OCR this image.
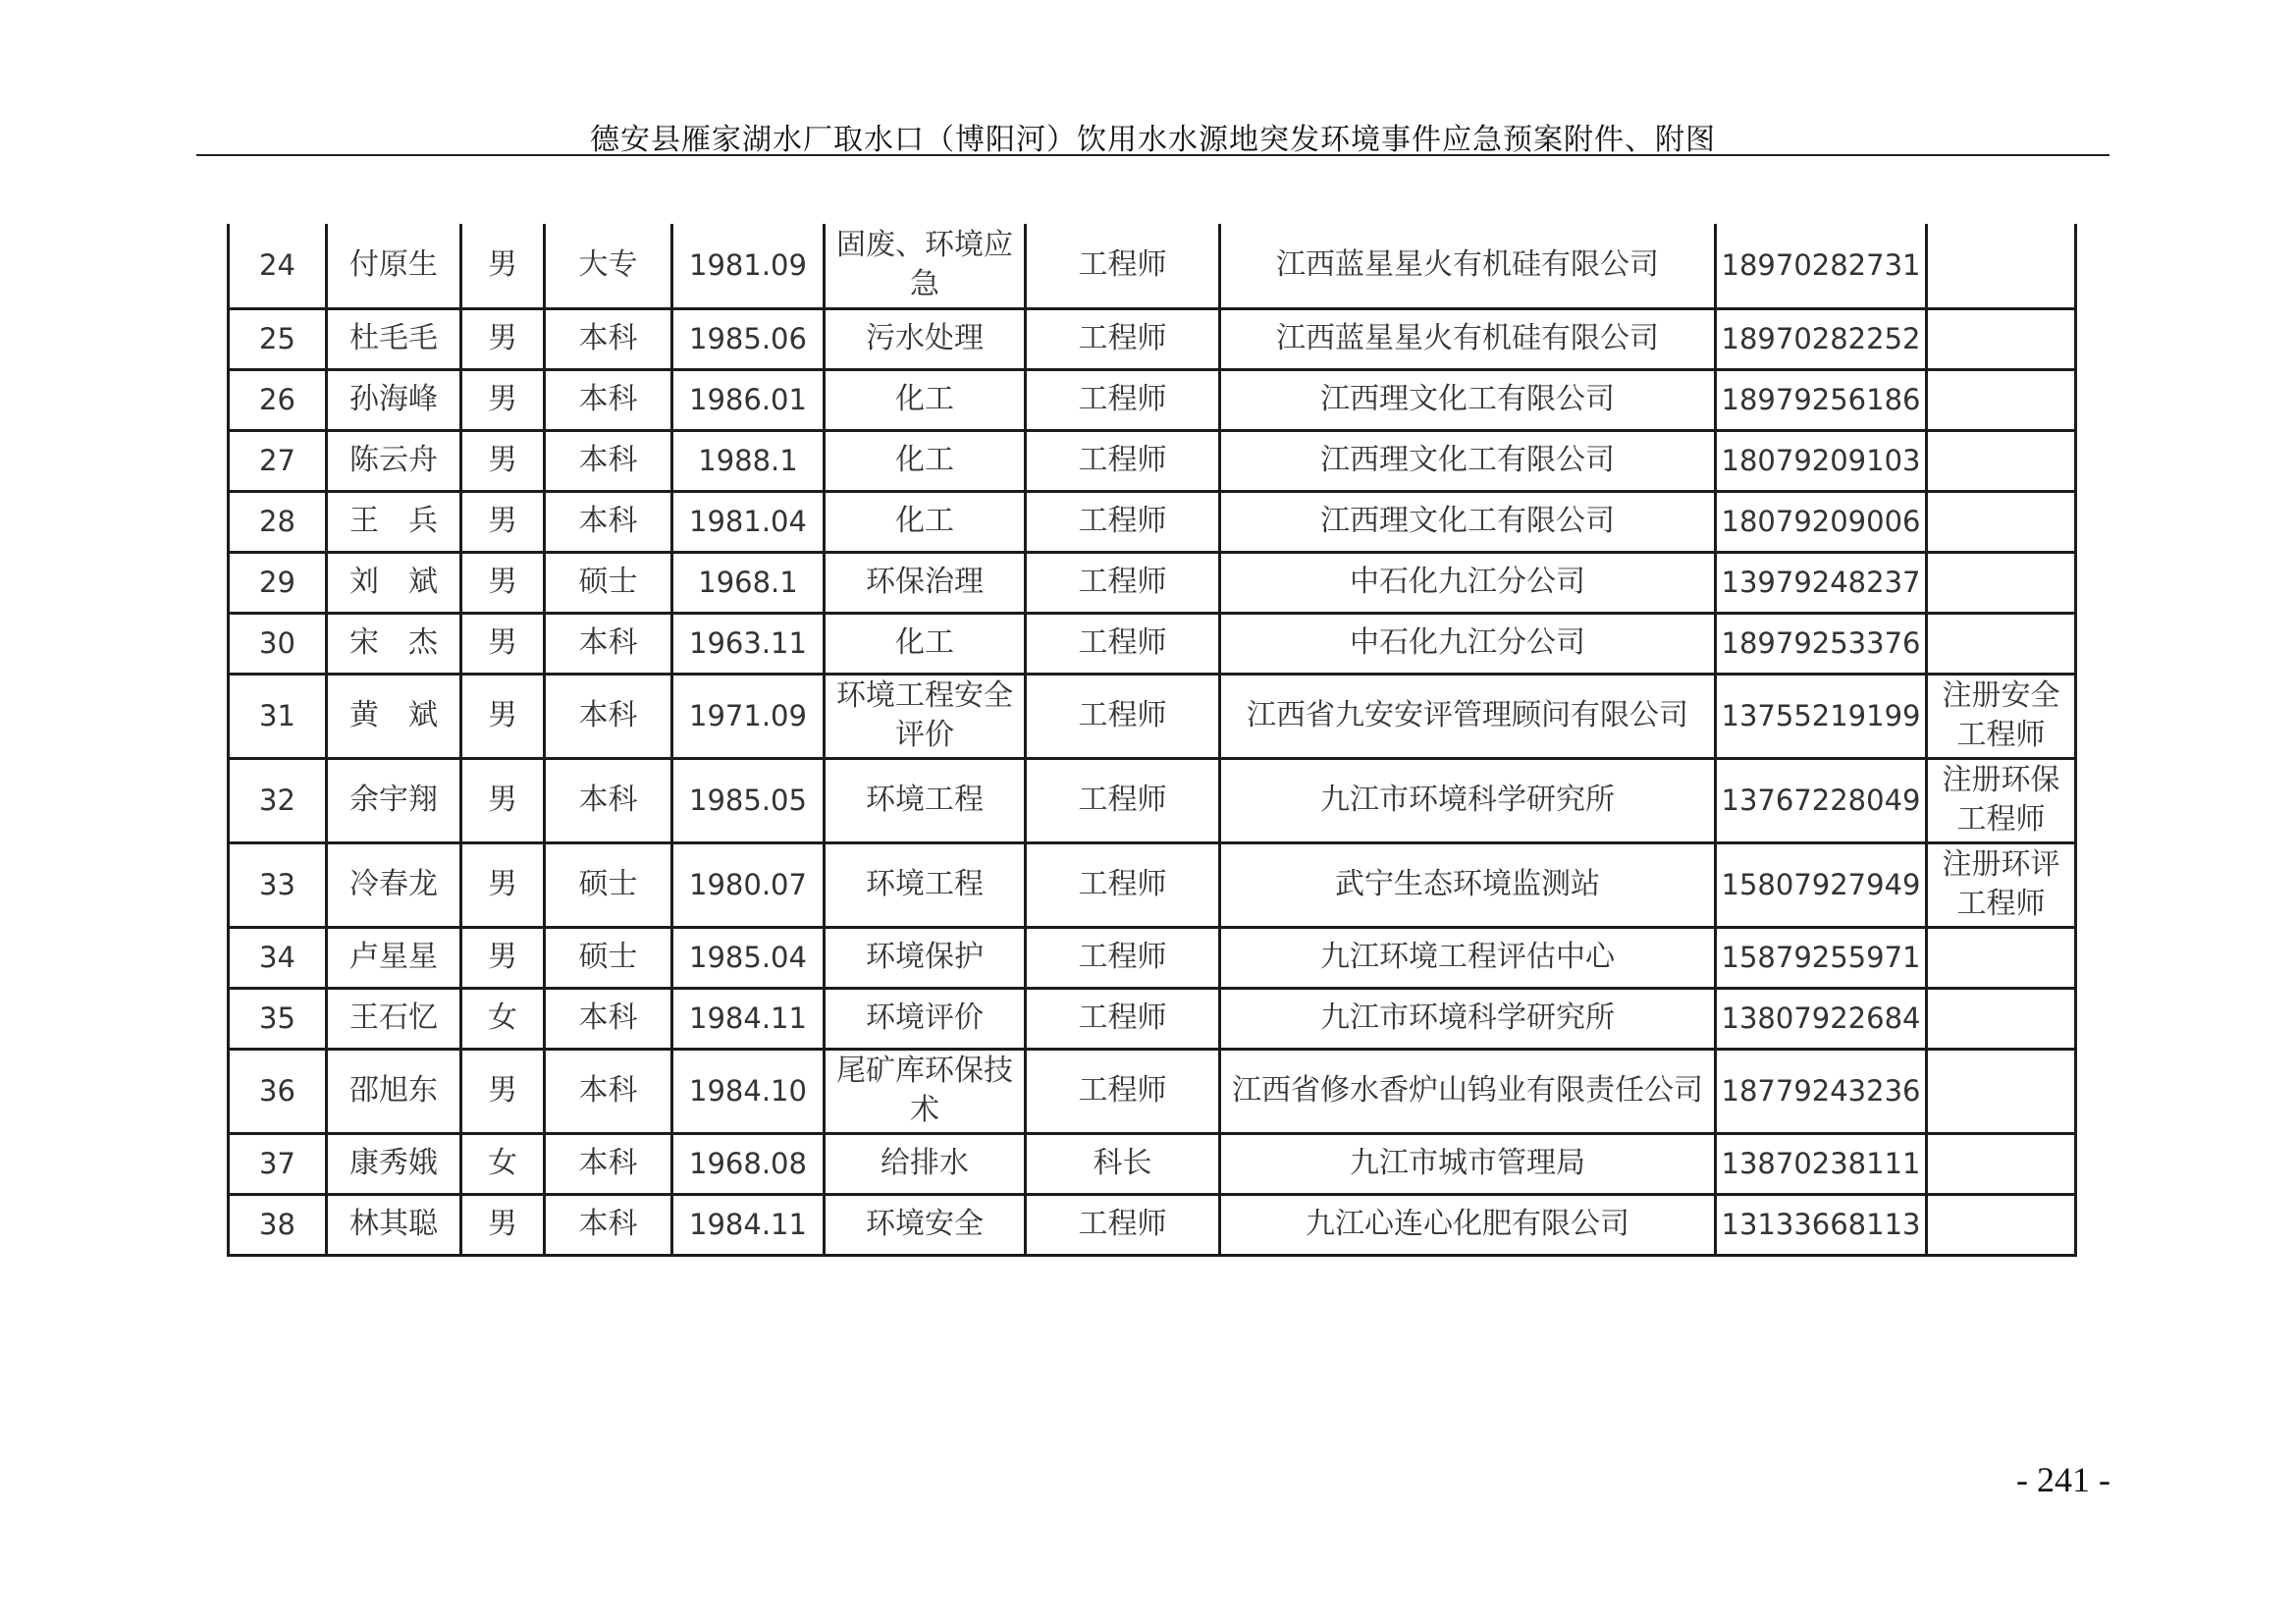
德安县雁家湖水厂取水口（博阳河）饮用水水源地突发环境事件应急预案附件、附图
24	付原生	男	大专	1981.09	固废、环境应急	工程师	江西蓝星星火有机硅有限公司	18970282731	
25	杜毛毛	男	本科	1985.06	污水处理	工程师	江西蓝星星火有机硅有限公司	18970282252	
26	孙海峰	男	本科	1986.01	化工	工程师	江西理文化工有限公司	18979256186	
27	陈云舟	男	本科	1988.1	化工	工程师	江西理文化工有限公司	18079209103	
28	王　兵	男	本科	1981.04	化工	工程师	江西理文化工有限公司	18079209006	
29	刘　斌	男	硕士	1968.1	环保治理	工程师	中石化九江分公司	13979248237	
30	宋　杰	男	本科	1963.11	化工	工程师	中石化九江分公司	18979253376	
31	黄　斌	男	本科	1971.09	环境工程安全评价	工程师	江西省九安安评管理顾问有限公司	13755219199	注册安全工程师
32	余宇翔	男	本科	1985.05	环境工程	工程师	九江市环境科学研究所	13767228049	注册环保工程师
33	冷春龙	男	硕士	1980.07	环境工程	工程师	武宁生态环境监测站	15807927949	注册环评工程师
34	卢星星	男	硕士	1985.04	环境保护	工程师	九江环境工程评估中心	15879255971	
35	王石忆	女	本科	1984.11	环境评价	工程师	九江市环境科学研究所	13807922684	
36	邵旭东	男	本科	1984.10	尾矿库环保技术	工程师	江西省修水香炉山钨业有限责任公司	18779243236	
37	康秀娥	女	本科	1968.08	给排水	科长	九江市城市管理局	13870238111	
38	林其聪	男	本科	1984.11	环境安全	工程师	九江心连心化肥有限公司	13133668113	
- 241 -
